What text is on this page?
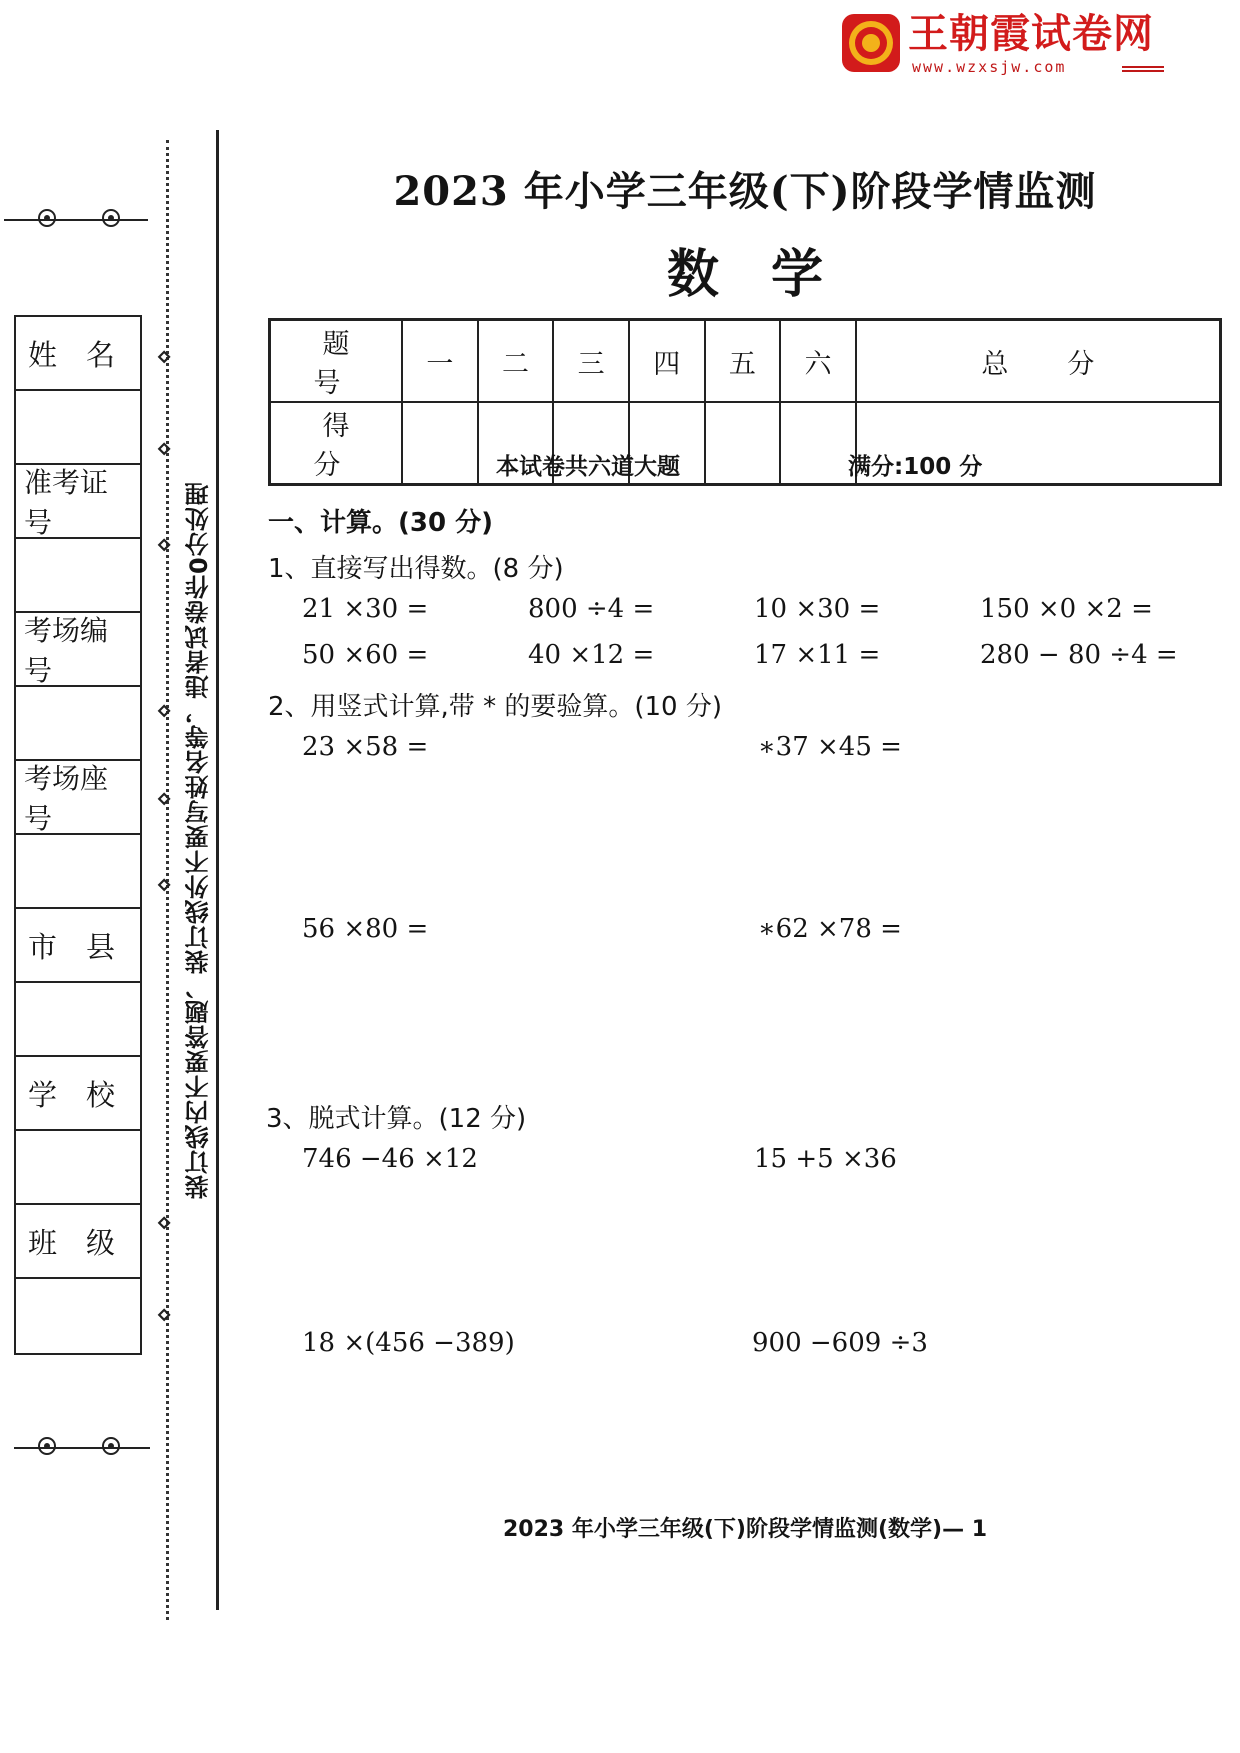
王朝霞试卷网
www.wzxsjw.com
姓　名
准考证号
考场编号
考场座号
市　县
学　校
班　级
⋄
⋄
⋄
⋄
⋄
⋄
⋄
⋄
装订线内不要答题、装订线外不要写姓名等，违者试卷作0分处理
2023 年小学三年级(下)阶段学情监测
数学
题　号	一	二	三	四	五	六	总　分
得　分								本试卷共六道大题	满分:100 分
一、计算。(30 分)
1、直接写出得数。(8 分)
21 ×30 =	800 ÷4 =	10 ×30 =	150 ×0 ×2 =
50 ×60 =	40 ×12 =	17 ×11 =	280 − 80 ÷4 =
2、用竖式计算,带 * 的要验算。(10 分)
23 ×58 =	∗37 ×45 =
56 ×80 =	∗62 ×78 =
3、脱式计算。(12 分)
746 −46 ×12	15 +5 ×36
18 ×(456 −389)	900 −609 ÷3
2023 年小学三年级(下)阶段学情监测(数学)— 1
